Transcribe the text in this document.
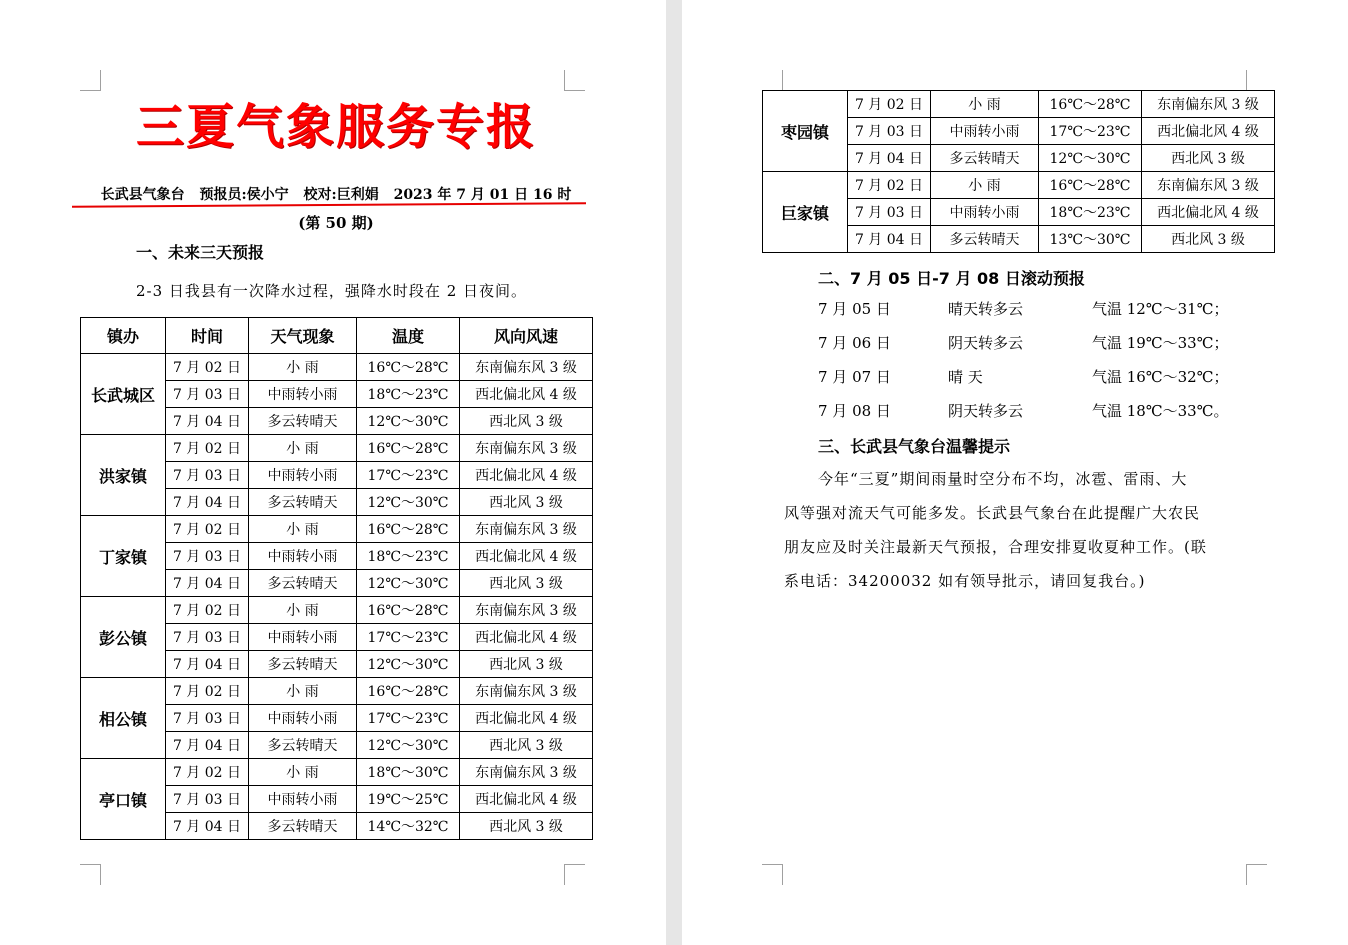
三夏气象服务专报
长武县气象台 预报员:侯小宁 校对:巨利娟 2023 年 7 月 01 日 16 时
(第 50 期)
一、未来三天预报
2-3 日我县有一次降水过程，强降水时段在 2 日夜间。
镇办	时间	天气现象	温度	风向风速
长武城区	7 月 02 日	小 雨	16℃～28℃	东南偏东风 3 级
	7 月 03 日	中雨转小雨	18℃～23℃	西北偏北风 4 级
	7 月 04 日	多云转晴天	12℃～30℃	西北风 3 级
洪家镇	7 月 02 日	小 雨	16℃～28℃	东南偏东风 3 级
	7 月 03 日	中雨转小雨	17℃～23℃	西北偏北风 4 级
	7 月 04 日	多云转晴天	12℃～30℃	西北风 3 级
丁家镇	7 月 02 日	小 雨	16℃～28℃	东南偏东风 3 级
	7 月 03 日	中雨转小雨	18℃～23℃	西北偏北风 4 级
	7 月 04 日	多云转晴天	12℃～30℃	西北风 3 级
彭公镇	7 月 02 日	小 雨	16℃～28℃	东南偏东风 3 级
	7 月 03 日	中雨转小雨	17℃～23℃	西北偏北风 4 级
	7 月 04 日	多云转晴天	12℃～30℃	西北风 3 级
相公镇	7 月 02 日	小 雨	16℃～28℃	东南偏东风 3 级
	7 月 03 日	中雨转小雨	17℃～23℃	西北偏北风 4 级
	7 月 04 日	多云转晴天	12℃～30℃	西北风 3 级
亭口镇	7 月 02 日	小 雨	18℃～30℃	东南偏东风 3 级
	7 月 03 日	中雨转小雨	19℃～25℃	西北偏北风 4 级
	7 月 04 日	多云转晴天	14℃～32℃	西北风 3 级
枣园镇	7 月 02 日	小 雨	16℃～28℃	东南偏东风 3 级
	7 月 03 日	中雨转小雨	17℃～23℃	西北偏北风 4 级
	7 月 04 日	多云转晴天	12℃～30℃	西北风 3 级
巨家镇	7 月 02 日	小 雨	16℃～28℃	东南偏东风 3 级
	7 月 03 日	中雨转小雨	18℃～23℃	西北偏北风 4 级
	7 月 04 日	多云转晴天	13℃～30℃	西北风 3 级
二、7 月 05 日-7 月 08 日滚动预报
7 月 05 日	晴天转多云	气温 12℃～31℃；
7 月 06 日	阴天转多云	气温 19℃～33℃；
7 月 07 日	晴 天	气温 16℃～32℃；
7 月 08 日	阴天转多云	气温 18℃～33℃。
三、长武县气象台温馨提示

今年“三夏”期间雨量时空分布不均，冰雹、雷雨、大

风等强对流天气可能多发。长武县气象台在此提醒广大农民

朋友应及时关注最新天气预报，合理安排夏收夏种工作。(联

系电话：34200032 如有领导批示，请回复我台。)
